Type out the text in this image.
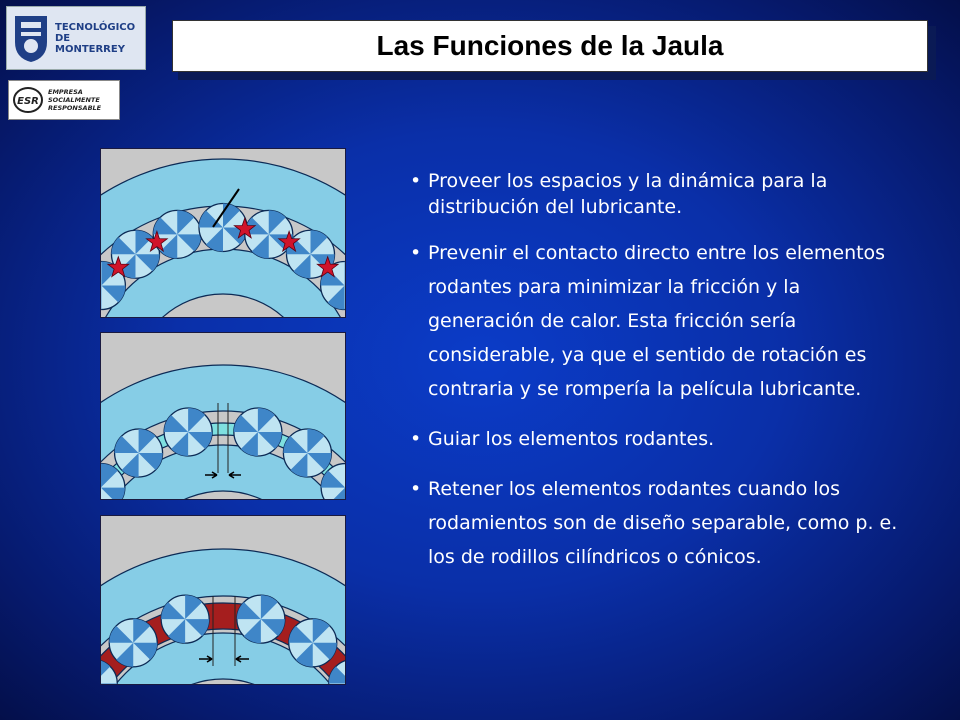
TECNOLÓGICO
DE MONTERREY
ESR
EMPRESA
SOCIALMENTE
RESPONSABLE
Las Funciones de la Jaula
• Proveer los espacios y la dinámica para la distribución del lubricante.
• Prevenir el contacto directo entre los elementos rodantes para minimizar la fricción y la generación de calor. Esta fricción sería considerable, ya que el sentido de rotación es contraria y se rompería la película lubricante.
• Guiar los elementos rodantes.
• Retener los elementos rodantes cuando los rodamientos son de diseño separable, como p. e. los de rodillos cilíndricos o cónicos.
